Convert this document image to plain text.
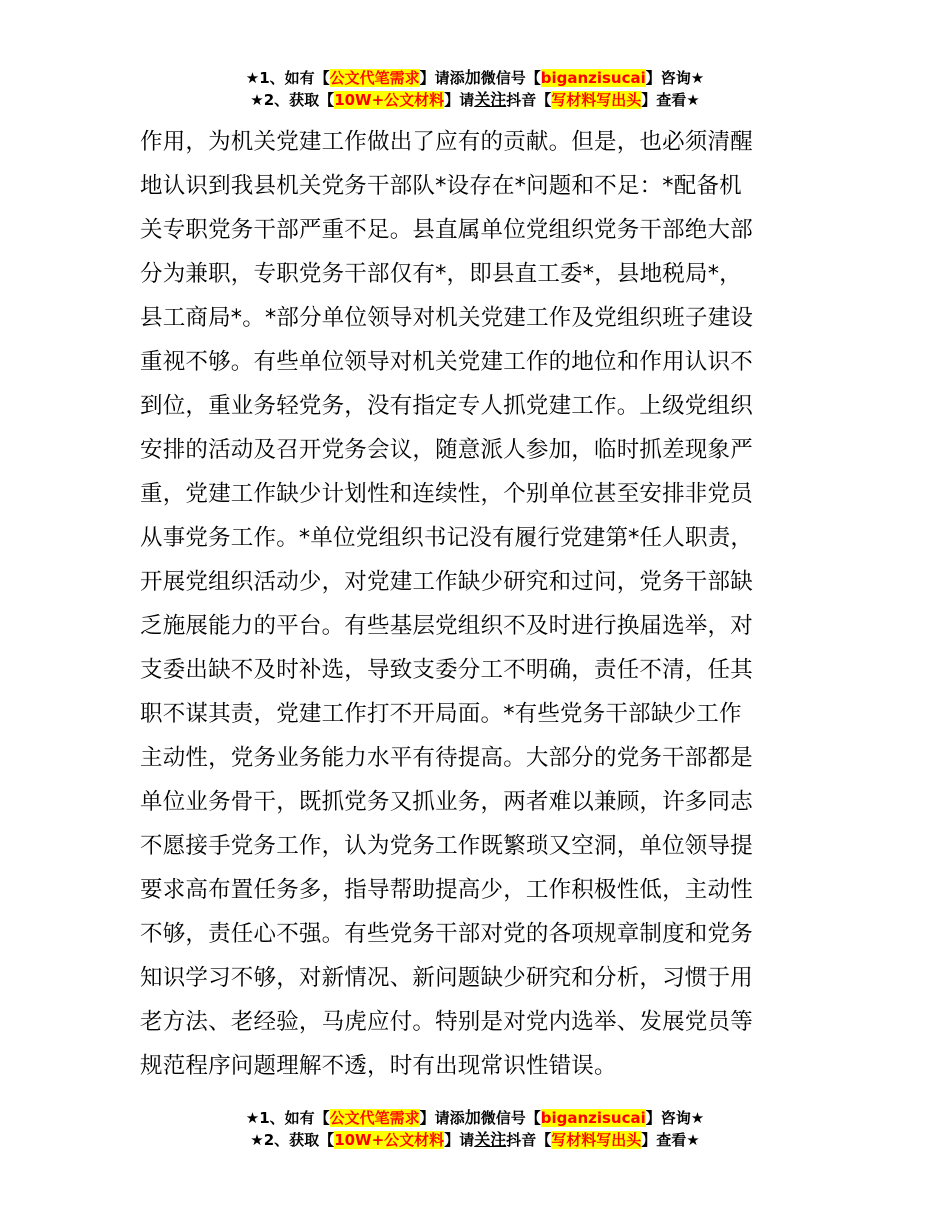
★1、如有【公文代笔需求】请添加微信号【biganzisucai】咨询★
★2、获取【10W+公文材料】请关注抖音【写材料写出头】查看★
作用，为机关党建工作做出了应有的贡献。但是，也必须清醒
地认识到我县机关党务干部队*设存在*问题和不足：*配备机
关专职党务干部严重不足。县直属单位党组织党务干部绝大部
分为兼职，专职党务干部仅有*，即县直工委*，县地税局*，
县工商局*。*部分单位领导对机关党建工作及党组织班子建设
重视不够。有些单位领导对机关党建工作的地位和作用认识不
到位，重业务轻党务，没有指定专人抓党建工作。上级党组织
安排的活动及召开党务会议，随意派人参加，临时抓差现象严
重，党建工作缺少计划性和连续性，个别单位甚至安排非党员
从事党务工作。*单位党组织书记没有履行党建第*任人职责，
开展党组织活动少，对党建工作缺少研究和过问，党务干部缺
乏施展能力的平台。有些基层党组织不及时进行换届选举，对
支委出缺不及时补选，导致支委分工不明确，责任不清，任其
职不谋其责，党建工作打不开局面。*有些党务干部缺少工作
主动性，党务业务能力水平有待提高。大部分的党务干部都是
单位业务骨干，既抓党务又抓业务，两者难以兼顾，许多同志
不愿接手党务工作，认为党务工作既繁琐又空洞，单位领导提
要求高布置任务多，指导帮助提高少，工作积极性低，主动性
不够，责任心不强。有些党务干部对党的各项规章制度和党务
知识学习不够，对新情况、新问题缺少研究和分析，习惯于用
老方法、老经验，马虎应付。特别是对党内选举、发展党员等
规范程序问题理解不透，时有出现常识性错误。
★1、如有【公文代笔需求】请添加微信号【biganzisucai】咨询★
★2、获取【10W+公文材料】请关注抖音【写材料写出头】查看★
